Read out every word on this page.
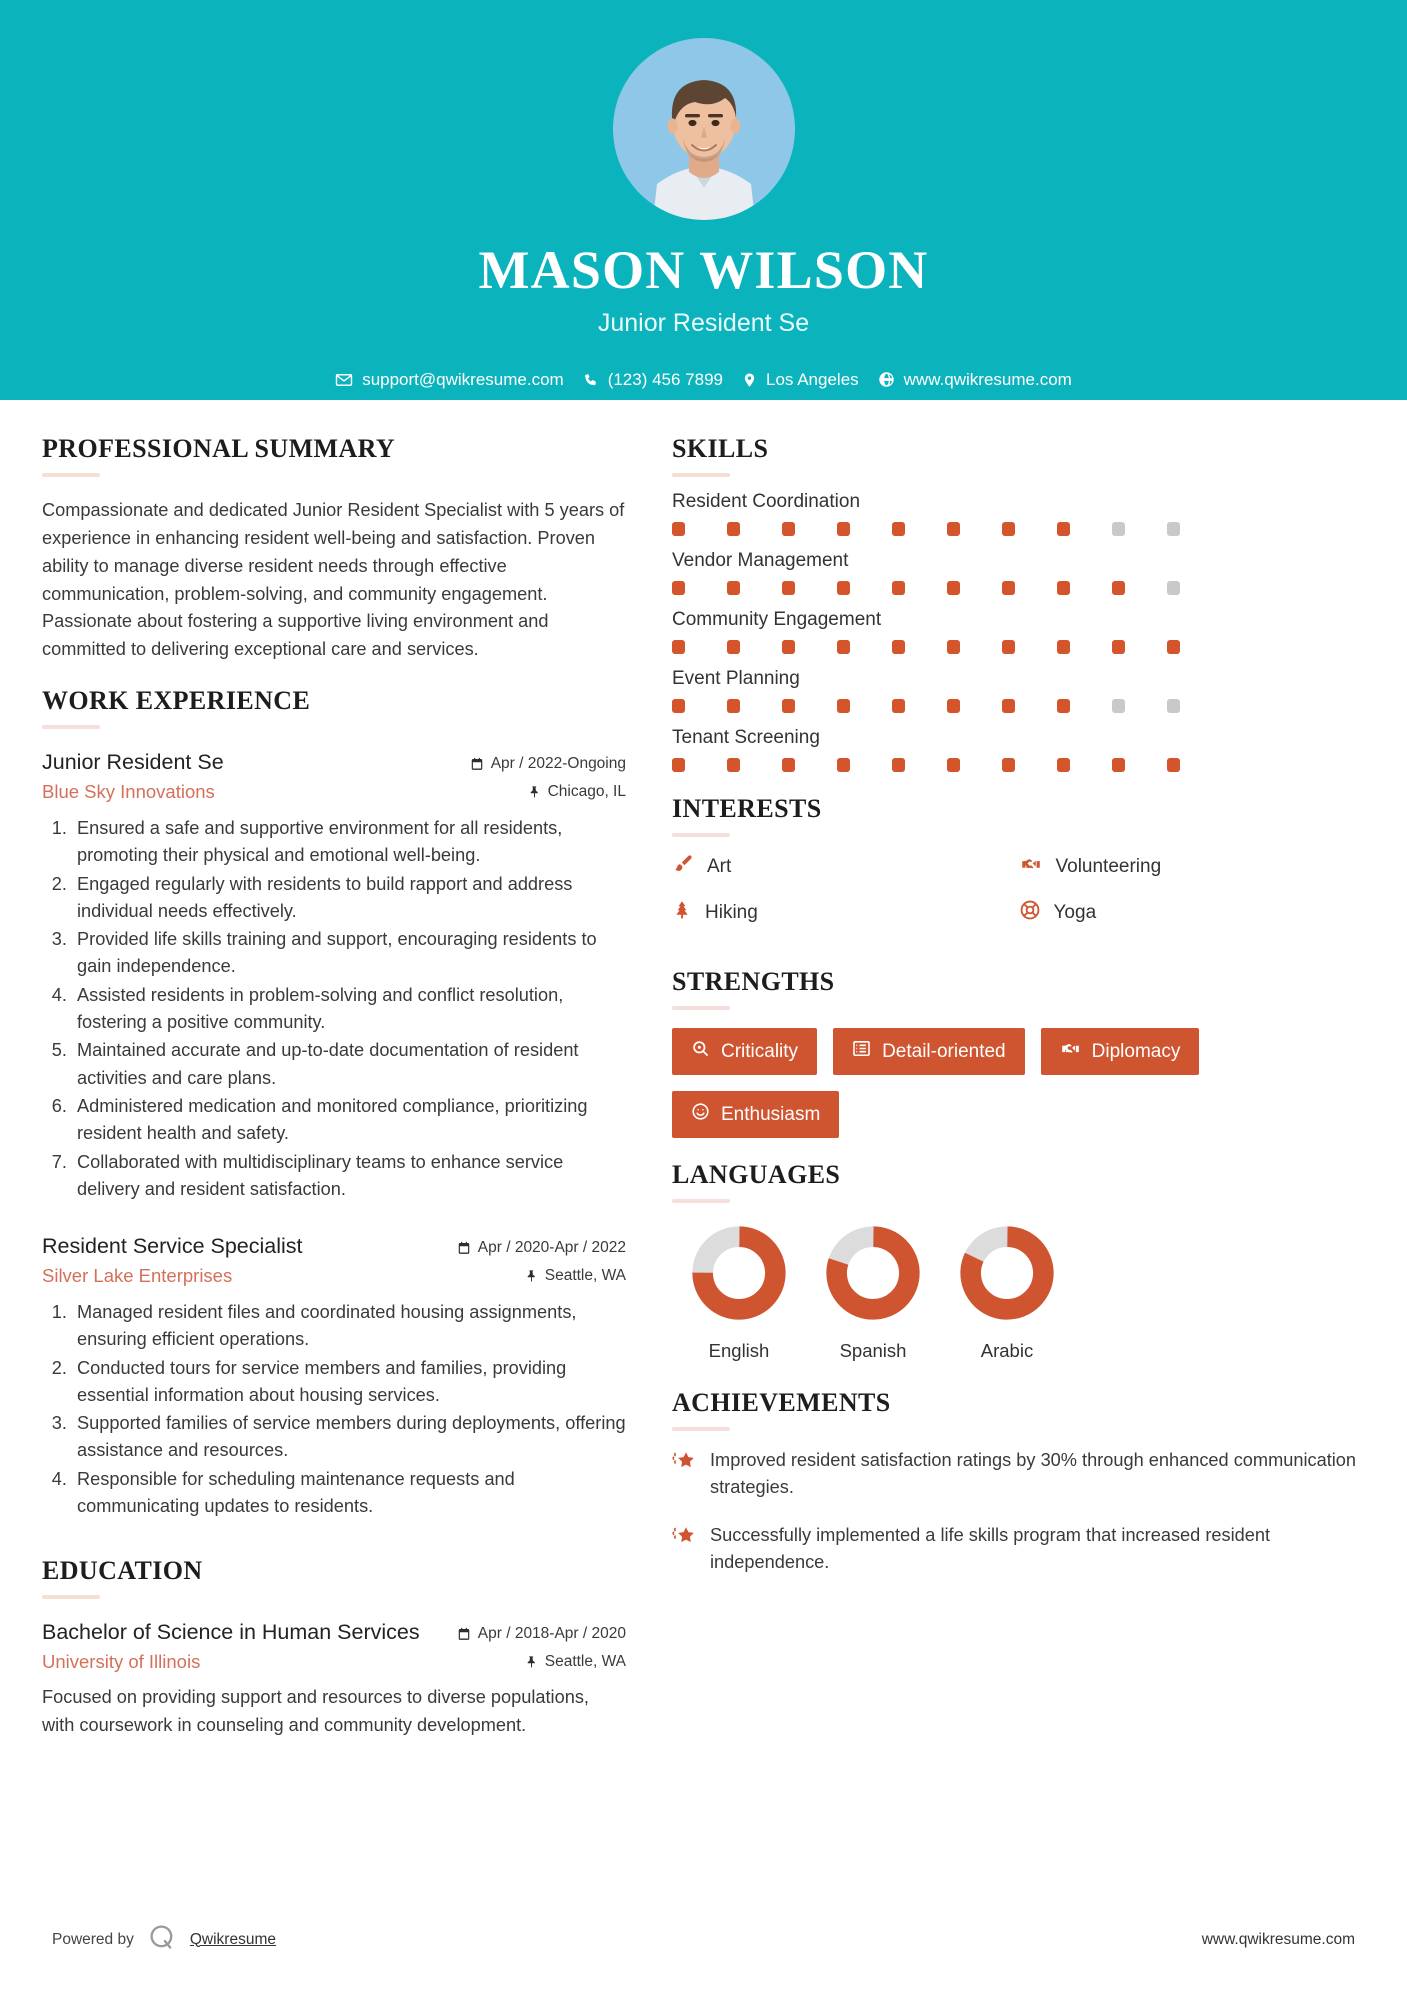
MASON WILSON
Junior Resident Se
support@qwikresume.com	(123) 456 7899	Los Angeles	www.qwikresume.com
PROFESSIONAL SUMMARY
Compassionate and dedicated Junior Resident Specialist with 5 years of experience in enhancing resident well-being and satisfaction. Proven ability to manage diverse resident needs through effective communication, problem-solving, and community engagement. Passionate about fostering a supportive living environment and committed to delivering exceptional care and services.
WORK EXPERIENCE
Junior Resident Se
Blue Sky Innovations
Apr / 2022-Ongoing
Chicago, IL
1. Ensured a safe and supportive environment for all residents, promoting their physical and emotional well-being.
2. Engaged regularly with residents to build rapport and address individual needs effectively.
3. Provided life skills training and support, encouraging residents to gain independence.
4. Assisted residents in problem-solving and conflict resolution, fostering a positive community.
5. Maintained accurate and up-to-date documentation of resident activities and care plans.
6. Administered medication and monitored compliance, prioritizing resident health and safety.
7. Collaborated with multidisciplinary teams to enhance service delivery and resident satisfaction.
Resident Service Specialist
Silver Lake Enterprises
Apr / 2020-Apr / 2022
Seattle, WA
1. Managed resident files and coordinated housing assignments, ensuring efficient operations.
2. Conducted tours for service members and families, providing essential information about housing services.
3. Supported families of service members during deployments, offering assistance and resources.
4. Responsible for scheduling maintenance requests and communicating updates to residents.
EDUCATION
Bachelor of Science in Human Services
University of Illinois
Apr / 2018-Apr / 2020
Seattle, WA
Focused on providing support and resources to diverse populations, with coursework in counseling and community development.
SKILLS
Resident Coordination
Vendor Management
Community Engagement
Event Planning
Tenant Screening
INTERESTS
Art	Volunteering
Hiking	Yoga
STRENGTHS
Criticality	Detail-oriented	Diplomacy
Enthusiasm
LANGUAGES
English	Spanish	Arabic
ACHIEVEMENTS
Improved resident satisfaction ratings by 30% through enhanced communication strategies.
Successfully implemented a life skills program that increased resident independence.
Powered by	Qwikresume	www.qwikresume.com
